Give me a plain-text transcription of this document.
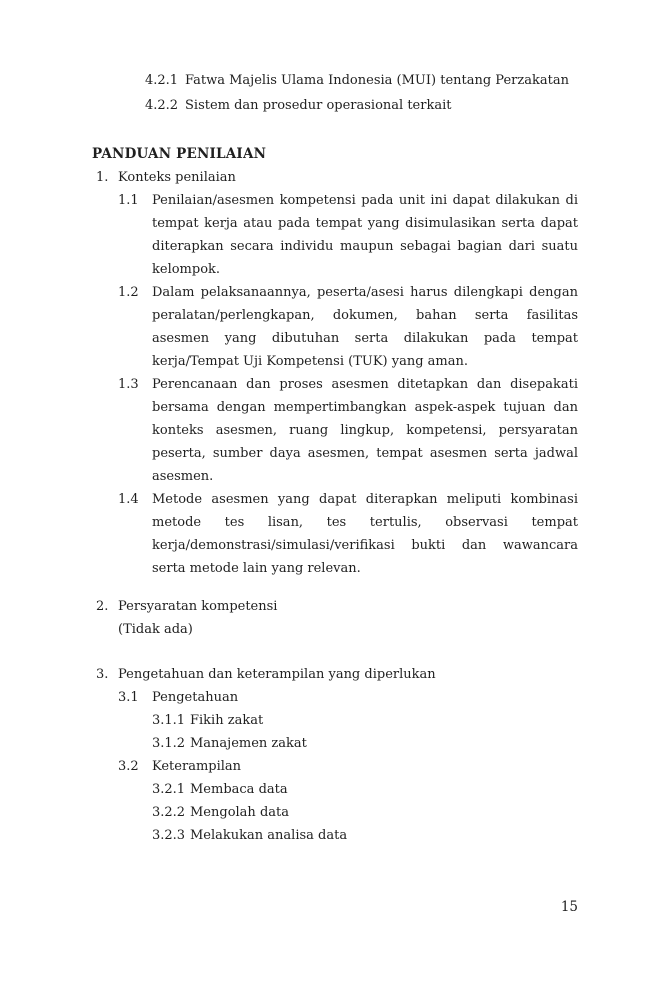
4.2.1 Fatwa Majelis Ulama Indonesia (MUI) tentang Perzakatan
4.2.2 Sistem dan prosedur operasional terkait
PANDUAN PENILAIAN
1. Konteks penilaian
1.1	Penilaian/asesmen kompetensi pada unit ini dapat dilakukan di tempat kerja atau pada tempat yang disimulasikan serta dapat diterapkan secara individu maupun sebagai bagian dari suatu kelompok.
1.2	Dalam pelaksanaannya, peserta/asesi harus dilengkapi dengan peralatan/perlengkapan, dokumen, bahan serta fasilitas asesmen yang dibutuhan serta dilakukan pada tempat kerja/Tempat Uji Kompetensi (TUK) yang aman.
1.3	Perencanaan dan proses asesmen ditetapkan dan disepakati bersama dengan mempertimbangkan aspek-aspek tujuan dan konteks asesmen, ruang lingkup, kompetensi, persyaratan peserta, sumber daya asesmen, tempat asesmen serta jadwal asesmen.
1.4	Metode asesmen yang dapat diterapkan meliputi kombinasi metode tes lisan, tes tertulis, observasi tempat kerja/demonstrasi/simulasi/verifikasi bukti dan wawancara serta metode lain yang relevan.
2. Persyaratan kompetensi
(Tidak ada)
3. Pengetahuan dan keterampilan yang diperlukan
3.1	Pengetahuan
3.1.1 Fikih zakat
3.1.2 Manajemen zakat
3.2	Keterampilan
3.2.1 Membaca data
3.2.2 Mengolah data
3.2.3 Melakukan analisa data
15
